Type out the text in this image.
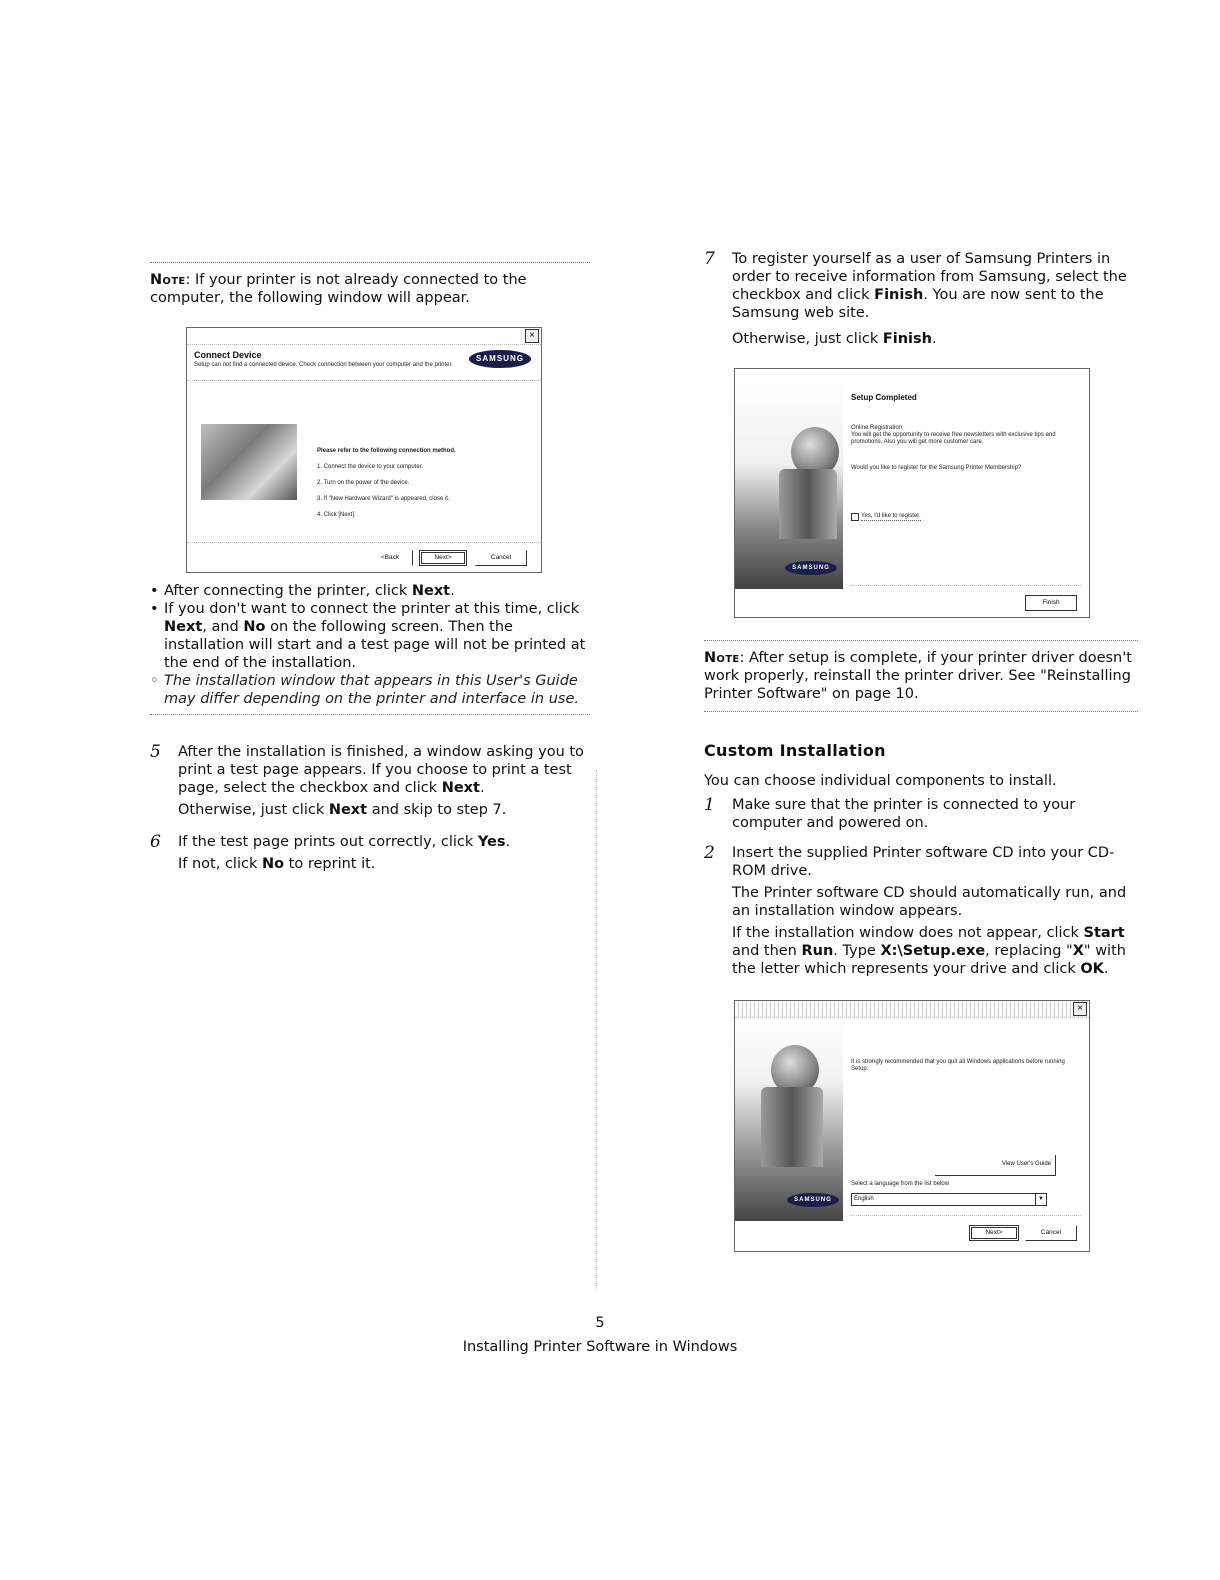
Note: If your printer is not already connected to the computer, the following window will appear.

×
Connect Device
Setup can not find a connected device. Check connection between your computer and the printer.
SAMSUNG
Please refer to the following connection method.
1. Connect the device to your computer.
2. Turn on the power of the device.
3. If "New Hardware Wizard" is appeared, close it.
4. Click [Next].
<Back	Next>	Cancel
• After connecting the printer, click Next.
• If you don't want to connect the printer at this time, click Next, and No on the following screen. Then the installation will start and a test page will not be printed at the end of the installation.
◦ The installation window that appears in this User's Guide may differ depending on the printer and interface in use.
5 After the installation is finished, a window asking you to print a test page appears. If you choose to print a test page, select the checkbox and click Next.

Otherwise, just click Next and skip to step 7.

6 If the test page prints out correctly, click Yes.

If not, click No to reprint it.

7 To register yourself as a user of Samsung Printers in order to receive information from Samsung, select the checkbox and click Finish. You are now sent to the Samsung web site.

Otherwise, just click Finish.

SAMSUNG
Setup Completed
Online Registration
You will get the opportunity to receive free newsletters with exclusive tips and promotions. Also you will get more customer care.
Would you like to register for the Samsung Printer Membership?
Yes, I'd like to register.
Finish

Note: After setup is complete, if your printer driver doesn't work properly, reinstall the printer driver. See "Reinstalling Printer Software" on page 10.

Custom Installation

You can choose individual components to install.

1 Make sure that the printer is connected to your computer and powered on.

2 Insert the supplied Printer software CD into your CD-ROM drive.

The Printer software CD should automatically run, and an installation window appears.

If the installation window does not appear, click Start and then Run. Type X:\Setup.exe, replacing "X" with the letter which represents your drive and click OK.

×
SAMSUNG
It is strongly recommended that you quit all Windows applications before running Setup.
View User's Guide
Select a language from the list below
English	▼
Next>	Cancel
5
Installing Printer Software in Windows
